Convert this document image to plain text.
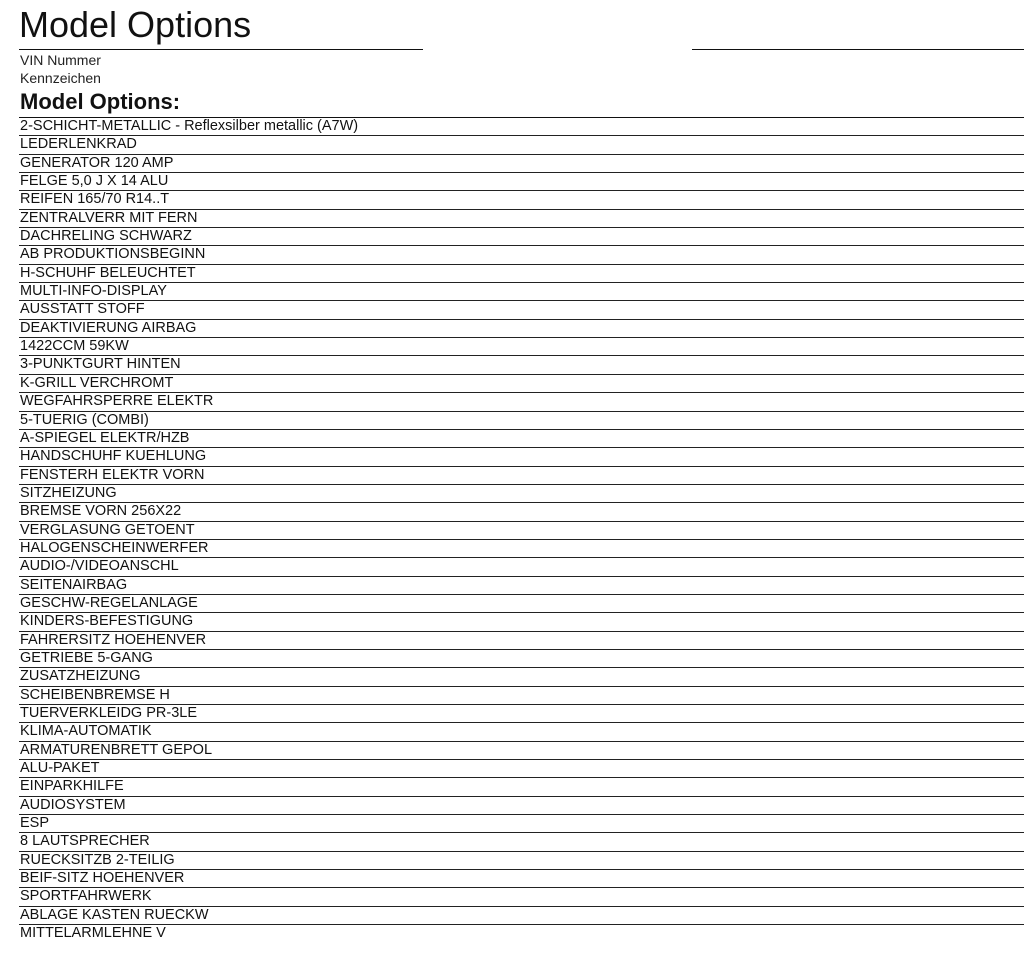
Model Options
VIN Nummer
Kennzeichen
Model Options:
2-SCHICHT-METALLIC - Reflexsilber metallic (A7W)
LEDERLENKRAD
GENERATOR 120 AMP
FELGE 5,0 J X 14 ALU
REIFEN 165/70 R14..T
ZENTRALVERR MIT FERN
DACHRELING SCHWARZ
AB PRODUKTIONSBEGINN
H-SCHUHF BELEUCHTET
MULTI-INFO-DISPLAY
AUSSTATT STOFF
DEAKTIVIERUNG AIRBAG
1422CCM 59KW
3-PUNKTGURT HINTEN
K-GRILL VERCHROMT
WEGFAHRSPERRE ELEKTR
5-TUERIG (COMBI)
A-SPIEGEL ELEKTR/HZB
HANDSCHUHF KUEHLUNG
FENSTERH ELEKTR VORN
SITZHEIZUNG
BREMSE VORN 256X22
VERGLASUNG GETOENT
HALOGENSCHEINWERFER
AUDIO-/VIDEOANSCHL
SEITENAIRBAG
GESCHW-REGELANLAGE
KINDERS-BEFESTIGUNG
FAHRERSITZ HOEHENVER
GETRIEBE 5-GANG
ZUSATZHEIZUNG
SCHEIBENBREMSE H
TUERVERKLEIDG PR-3LE
KLIMA-AUTOMATIK
ARMATURENBRETT GEPOL
ALU-PAKET
EINPARKHILFE
AUDIOSYSTEM
ESP
8 LAUTSPRECHER
RUECKSITZB 2-TEILIG
BEIF-SITZ HOEHENVER
SPORTFAHRWERK
ABLAGE KASTEN RUECKW
MITTELARMLEHNE V
